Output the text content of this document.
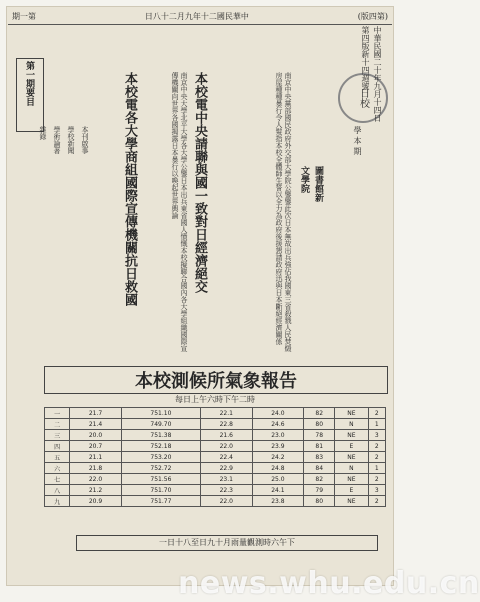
期一第	日八十二月九年十二國民華中	(版四第)
日校 中華民國二十年九月十四日
第四版新十四週號
學 本 期
圖書館新
文學院
本校電中央請聯與國一致對日經濟絕交	南京中央黨部國民政府外交部大學院公鑒鑒此次日本無故出兵強佔我國東三省殺戮人民焚燬房屋種種暴行令人髮指本校全體師生誓以全力為政府後援懇請政府迅與日本斷絕經濟關係
本校電各大學商組國際宣傳機關抗日救國	南京中央大學北平大學各大學公鑒日本出兵東省國人憤慨本校擬聯合國內各大學組織國際宣傳機關向世界各國揭露日本暴行以喚起世界輿論
第一期要目
本刊啟事
學校新聞
學術論著
雜錄
本校測候所氣象報告
每日上午六時下午二時
一	21.7	751.10	22.1	24.0	82	NE	2
二	21.4	749.70	22.8	24.6	80	N	1
三	20.0	751.38	21.6	23.0	78	NE	3
四	20.7	752.18	22.0	23.9	81	E	2
五	21.1	753.20	22.4	24.2	83	NE	2
六	21.8	752.72	22.9	24.8	84	N	1
七	22.0	751.56	23.1	25.0	82	NE	2
八	21.2	751.70	22.3	24.1	79	E	3
九	20.9	751.77	22.0	23.8	80	NE	2
一日十八至日九十月雨量觀測時六午下
news.whu.edu.cn
